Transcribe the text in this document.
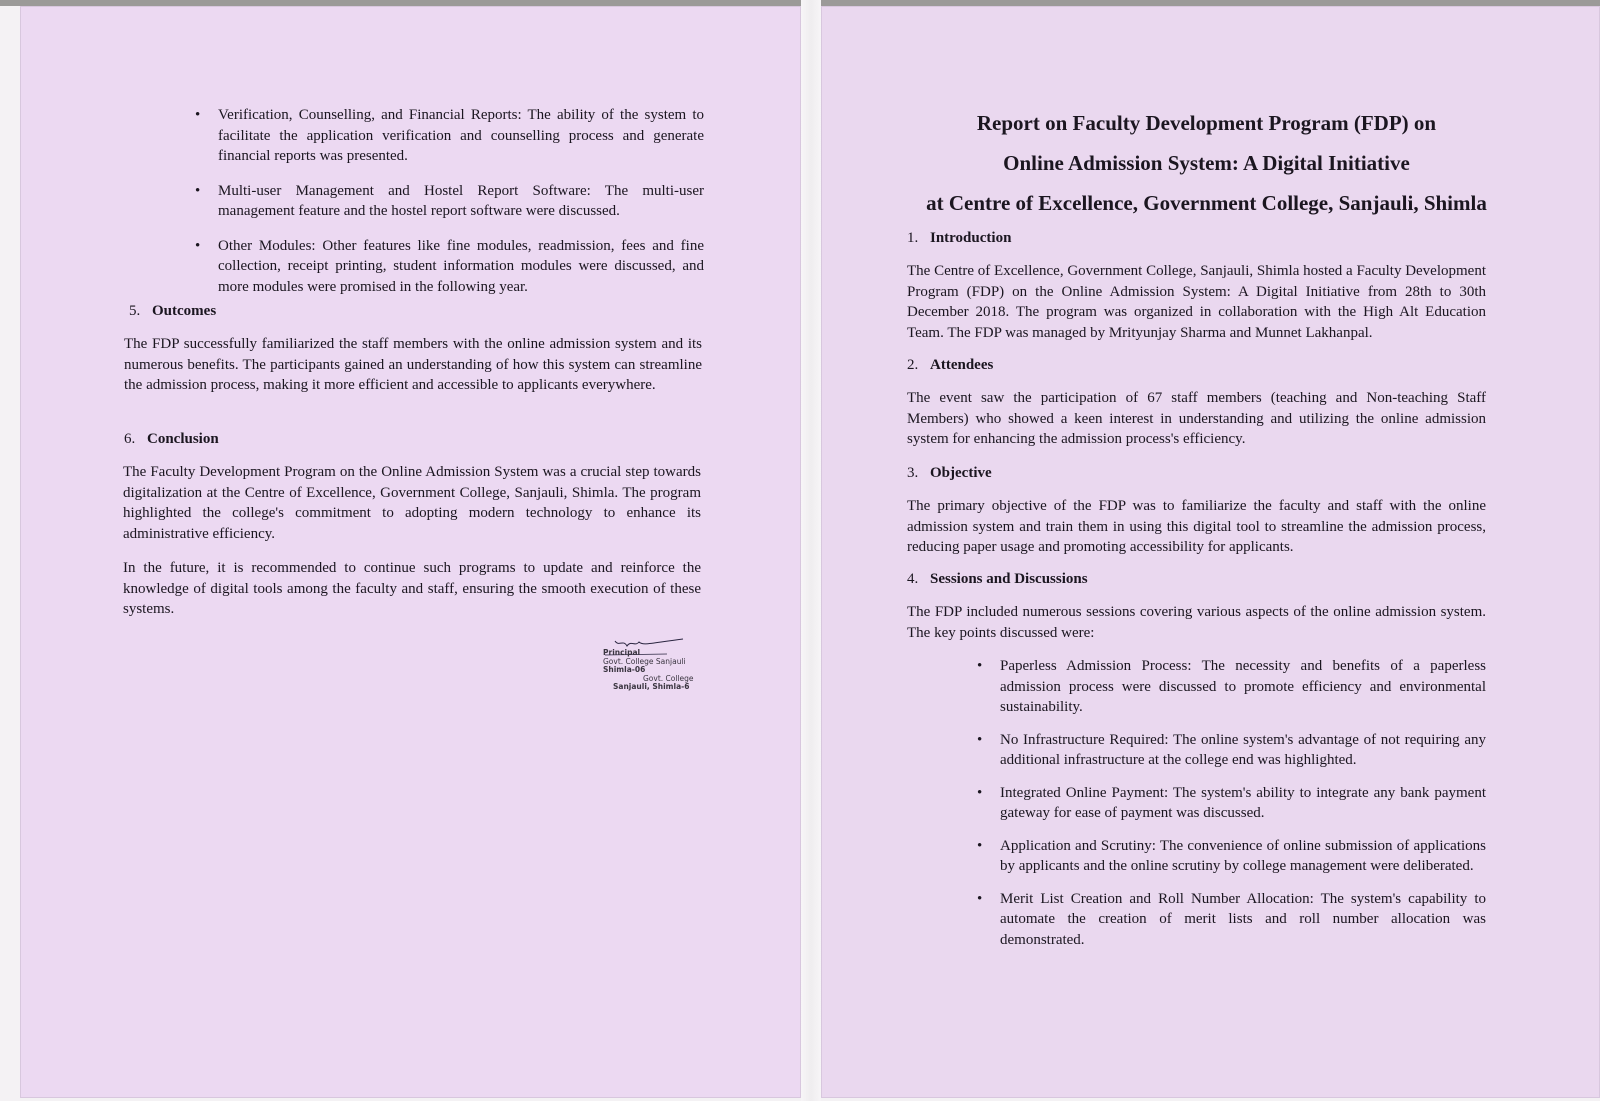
• Verification, Counselling, and Financial Reports: The ability of the system to facilitate the application verification and counselling process and generate financial reports was presented.
• Multi-user Management and Hostel Report Software: The multi-user management feature and the hostel report software were discussed.
• Other Modules: Other features like fine modules, readmission, fees and fine collection, receipt printing, student information modules were discussed, and more modules were promised in the following year.
5. Outcomes

The FDP successfully familiarized the staff members with the online admission system and its numerous benefits. The participants gained an understanding of how this system can streamline the admission process, making it more efficient and accessible to applicants everywhere.

6. Conclusion

The Faculty Development Program on the Online Admission System was a crucial step towards digitalization at the Centre of Excellence, Government College, Sanjauli, Shimla. The program highlighted the college's commitment to adopting modern technology to enhance its administrative efficiency.

In the future, it is recommended to continue such programs to update and reinforce the knowledge of digital tools among the faculty and staff, ensuring the smooth execution of these systems.

Principal
Govt. College Sanjauli
Shimla-06
Govt. College
Sanjauli, Shimla-6
Report on Faculty Development Program (FDP) on
Online Admission System: A Digital Initiative
at Centre of Excellence, Government College, Sanjauli, Shimla
1. Introduction

The Centre of Excellence, Government College, Sanjauli, Shimla hosted a Faculty Development Program (FDP) on the Online Admission System: A Digital Initiative from 28th to 30th December 2018. The program was organized in collaboration with the High Alt Education Team. The FDP was managed by Mrityunjay Sharma and Munnet Lakhanpal.

2. Attendees

The event saw the participation of 67 staff members (teaching and Non-teaching Staff Members) who showed a keen interest in understanding and utilizing the online admission system for enhancing the admission process's efficiency.

3. Objective

The primary objective of the FDP was to familiarize the faculty and staff with the online admission system and train them in using this digital tool to streamline the admission process, reducing paper usage and promoting accessibility for applicants.

4. Sessions and Discussions

The FDP included numerous sessions covering various aspects of the online admission system. The key points discussed were:

• Paperless Admission Process: The necessity and benefits of a paperless admission process were discussed to promote efficiency and environmental sustainability.
• No Infrastructure Required: The online system's advantage of not requiring any additional infrastructure at the college end was highlighted.
• Integrated Online Payment: The system's ability to integrate any bank payment gateway for ease of payment was discussed.
• Application and Scrutiny: The convenience of online submission of applications by applicants and the online scrutiny by college management were deliberated.
• Merit List Creation and Roll Number Allocation: The system's capability to automate the creation of merit lists and roll number allocation was demonstrated.
